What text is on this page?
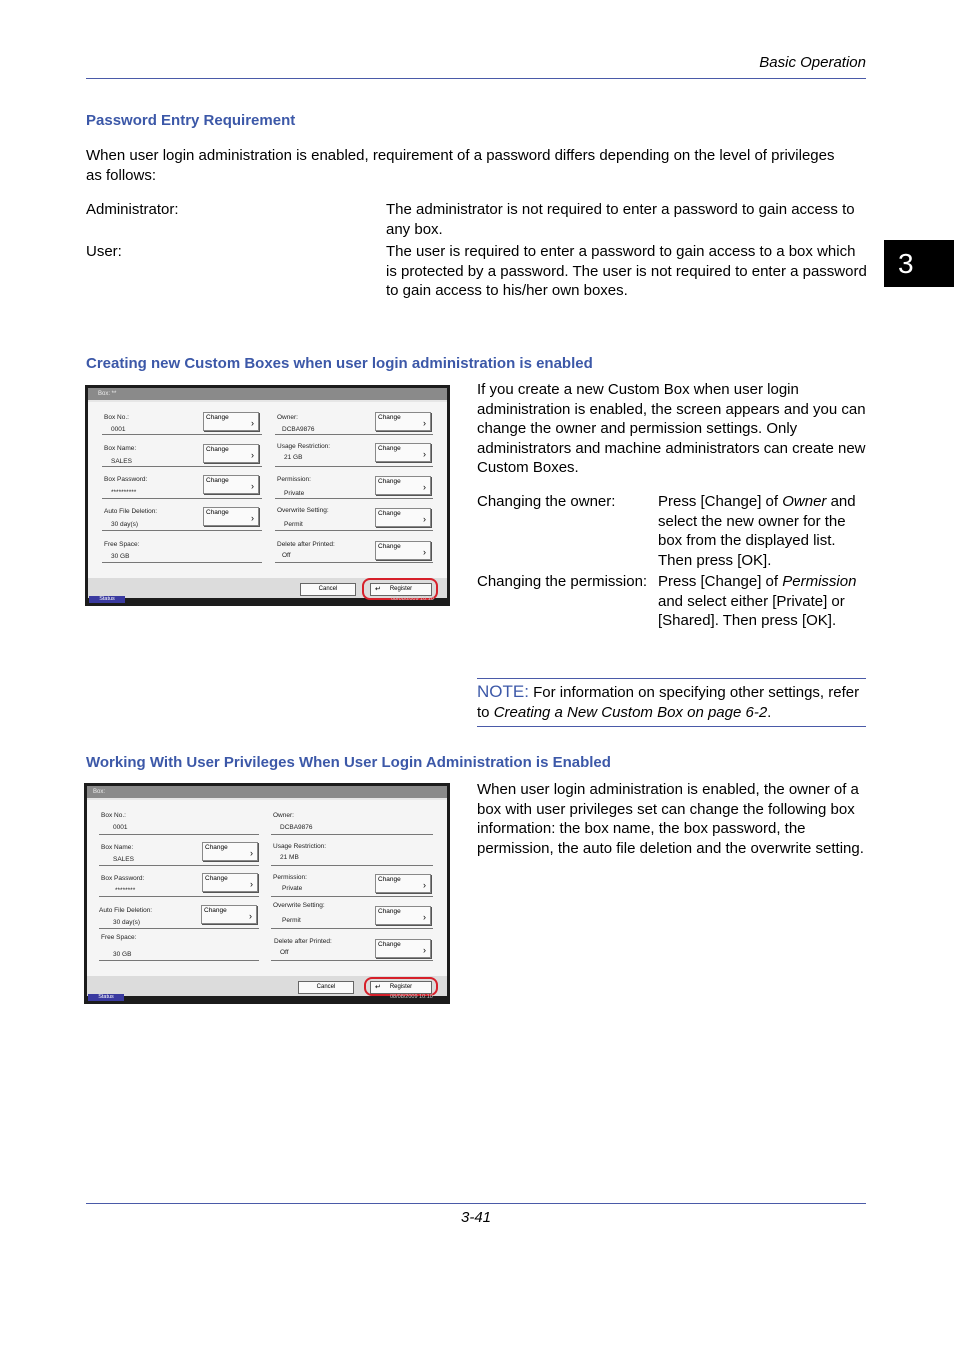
Basic Operation
3
Password Entry Requirement
When user login administration is enabled, requirement of a password differs depending on the level of privileges as follows:
Administrator:	The administrator is not required to enter a password to gain access to any box.
User:	The user is required to enter a password to gain access to a box which is protected by a password. The user is not required to enter a password to gain access to his/her own boxes.
Creating new Custom Boxes when user login administration is enabled
Box: **
Box No.:
0001
Change
›
Box Name:
SALES
Change
›
Box Password:
**********
Change
›
Auto File Deletion:
30 day(s)
Change
›
Free Space:
30 GB
Owner:
DCBA9876
Change
›
Usage Restriction:
21 GB
Change
›
Permission:
Private
Change
›
Overwrite Setting:
Permit
Change
›
Delete after Printed:
Off
Change
›
Cancel	↵ Register
Status	08/08/2009 10:10
If you create a new Custom Box when user login administration is enabled, the screen appears and you can change the owner and permission settings. Only administrators and machine administrators can create new Custom Boxes.
Changing the owner:	Press [Change] of Owner and select the new owner for the box from the displayed list. Then press [OK].
Changing the permission: Press [Change] of Permission and select either [Private] or [Shared]. Then press [OK].
NOTE: For information on specifying other settings, refer to Creating a New Custom Box on page 6-2.
Working With User Privileges When User Login Administration is Enabled
Box:
Box No.:
0001
Box Name:
SALES
Change
›
Box Password:
********
Change
›
Auto File Deletion:
30 day(s)
Change
›
Free Space:
30 GB
Owner:
DCBA9876
Usage Restriction:
21 MB
Permission:
Private
Change
›
Overwrite Setting:
Permit
Change
›
Delete after Printed:
Off
Change
›
Cancel	↵ Register
Status	08/08/2009 10:10
When user login administration is enabled, the owner of a box with user privileges set can change the following box information: the box name, the box password, the permission, the auto file deletion and the overwrite setting.
3-41
